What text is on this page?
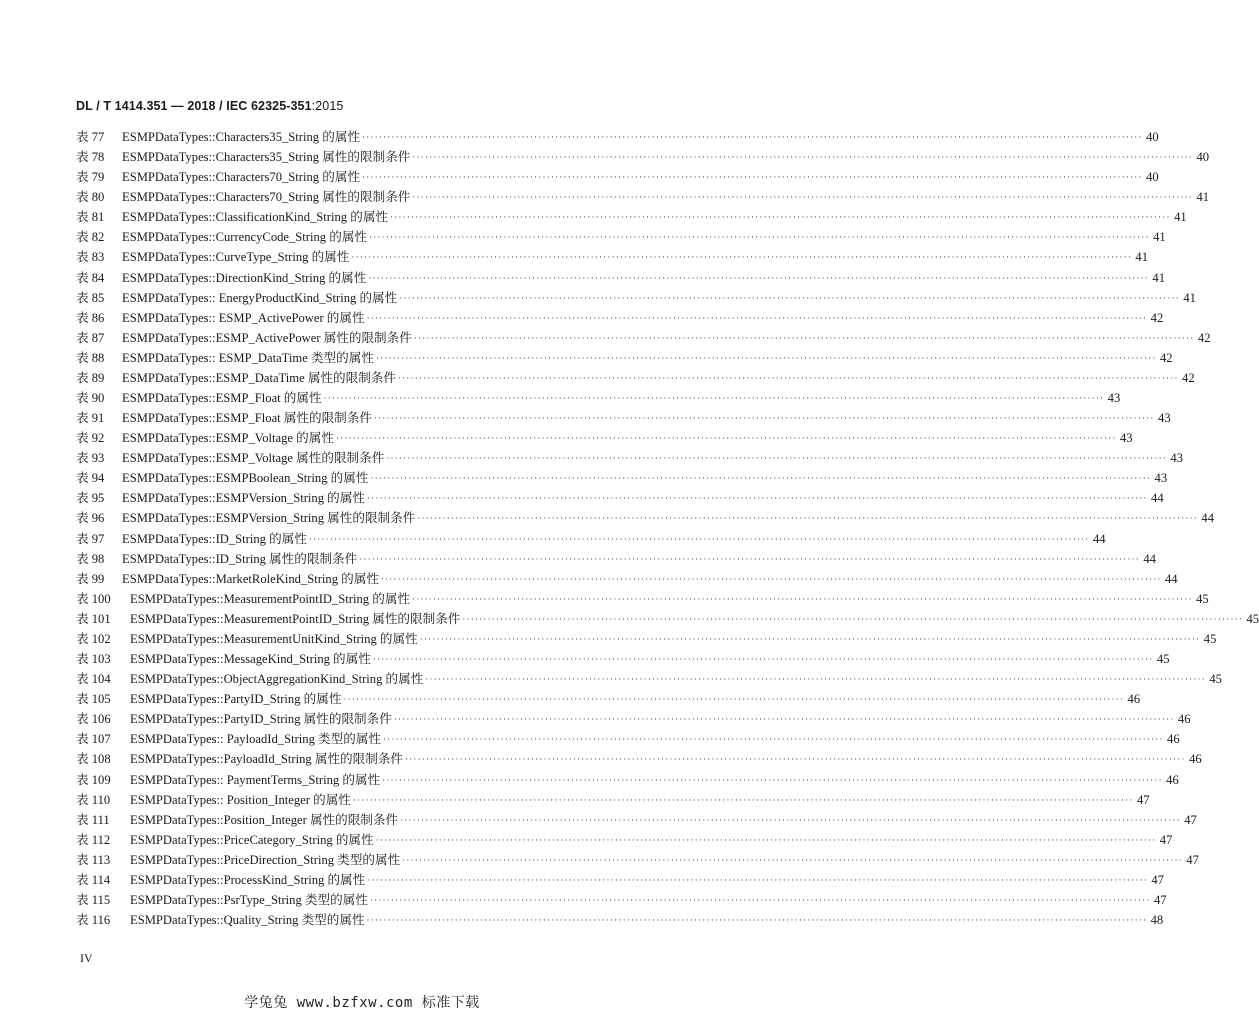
DL / T 1414.351 — 2018 / IEC 62325-351:2015
表 77	ESMPDataTypes::Characters35_String 的属性 ·····	40
表 78	ESMPDataTypes::Characters35_String 属性的限制条件 ·····	40
表 79	ESMPDataTypes::Characters70_String 的属性 ·····	40
表 80	ESMPDataTypes::Characters70_String 属性的限制条件 ·····	41
表 81	ESMPDataTypes::ClassificationKind_String 的属性 ·····	41
表 82	ESMPDataTypes::CurrencyCode_String 的属性 ·····	41
表 83	ESMPDataTypes::CurveType_String 的属性 ·····	41
表 84	ESMPDataTypes::DirectionKind_String 的属性 ·····	41
表 85	ESMPDataTypes:: EnergyProductKind_String 的属性 ·····	41
表 86	ESMPDataTypes:: ESMP_ActivePower 的属性 ·····	42
表 87	ESMPDataTypes::ESMP_ActivePower 属性的限制条件 ·····	42
表 88	ESMPDataTypes:: ESMP_DataTime 类型的属性 ·····	42
表 89	ESMPDataTypes::ESMP_DataTime 属性的限制条件 ·····	42
表 90	ESMPDataTypes::ESMP_Float 的属性 ·····	43
表 91	ESMPDataTypes::ESMP_Float 属性的限制条件 ·····	43
表 92	ESMPDataTypes::ESMP_Voltage 的属性 ·····	43
表 93	ESMPDataTypes::ESMP_Voltage 属性的限制条件 ·····	43
表 94	ESMPDataTypes::ESMPBoolean_String 的属性 ·····	43
表 95	ESMPDataTypes::ESMPVersion_String 的属性 ·····	44
表 96	ESMPDataTypes::ESMPVersion_String 属性的限制条件 ·····	44
表 97	ESMPDataTypes::ID_String 的属性 ·····	44
表 98	ESMPDataTypes::ID_String 属性的限制条件 ·····	44
表 99	ESMPDataTypes::MarketRoleKind_String 的属性 ·····	44
表 100	ESMPDataTypes::MeasurementPointID_String 的属性 ·····	45
表 101	ESMPDataTypes::MeasurementPointID_String 属性的限制条件 ·····	45
表 102	ESMPDataTypes::MeasurementUnitKind_String 的属性 ·····	45
表 103	ESMPDataTypes::MessageKind_String 的属性 ·····	45
表 104	ESMPDataTypes::ObjectAggregationKind_String 的属性 ·····	45
表 105	ESMPDataTypes::PartyID_String 的属性 ·····	46
表 106	ESMPDataTypes::PartyID_String 属性的限制条件 ·····	46
表 107	ESMPDataTypes:: PayloadId_String 类型的属性 ·····	46
表 108	ESMPDataTypes::PayloadId_String 属性的限制条件 ·····	46
表 109	ESMPDataTypes:: PaymentTerms_String 的属性 ·····	46
表 110	ESMPDataTypes:: Position_Integer 的属性 ·····	47
表 111	ESMPDataTypes::Position_Integer 属性的限制条件 ·····	47
表 112	ESMPDataTypes::PriceCategory_String 的属性 ·····	47
表 113	ESMPDataTypes::PriceDirection_String 类型的属性 ·····	47
表 114	ESMPDataTypes::ProcessKind_String 的属性 ·····	47
表 115	ESMPDataTypes::PsrType_String 类型的属性 ·····	47
表 116	ESMPDataTypes::Quality_String 类型的属性 ·····	48
IV
学兔兔 www.bzfxw.com 标准下载
